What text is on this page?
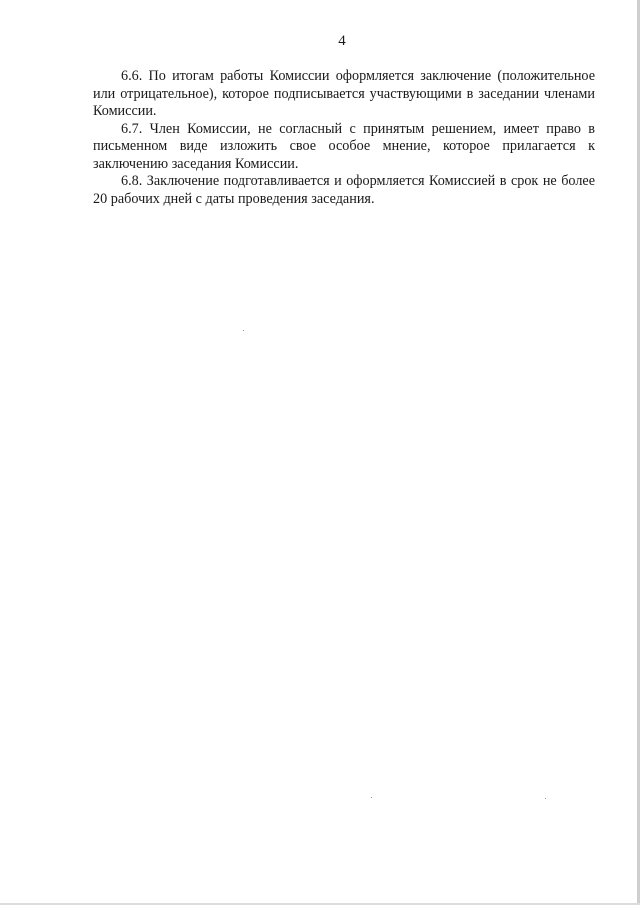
4

6.6. По итогам работы Комиссии оформляется заключение (положительное или отрицательное), которое подписывается участвующими в заседании членами Комиссии.

6.7. Член Комиссии, не согласный с принятым решением, имеет право в письменном виде изложить свое особое мнение, которое прилагается к заключению заседания Комиссии.

6.8. Заключение подготавливается и оформляется Комиссией в срок не более 20 рабочих дней с даты проведения заседания.
